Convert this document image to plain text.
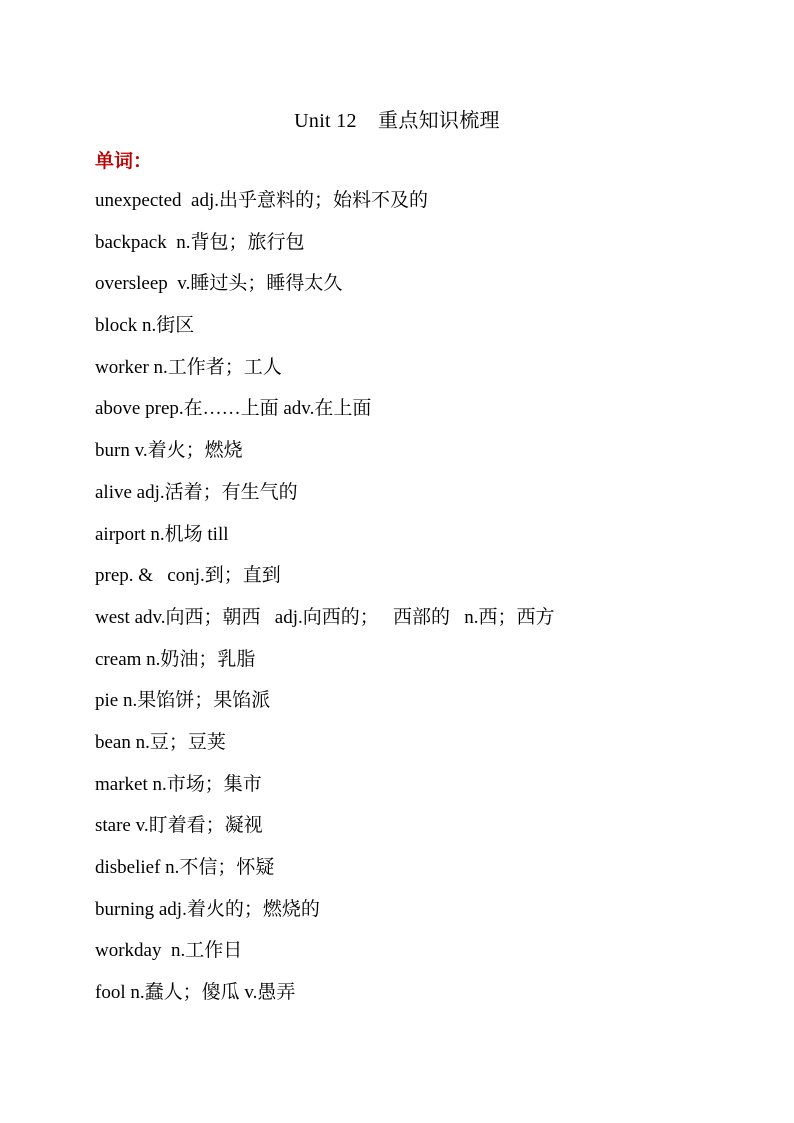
Unit 12    重点知识梳理
单词：
unexpected  adj.出乎意料的；始料不及的
backpack  n.背包；旅行包
oversleep  v.睡过头；睡得太久
block n.街区
worker n.工作者；工人
above prep.在……上面 adv.在上面
burn v.着火；燃烧
alive adj.活着；有生气的
airport n.机场 till
prep. &   conj.到；直到
west adv.向西；朝西   adj.向西的；   西部的   n.西；西方
cream n.奶油；乳脂
pie n.果馅饼；果馅派
bean n.豆；豆荚
market n.市场；集市
stare v.盯着看；凝视
disbelief n.不信；怀疑
burning adj.着火的；燃烧的
workday  n.工作日
fool n.蠢人；傻瓜 v.愚弄
